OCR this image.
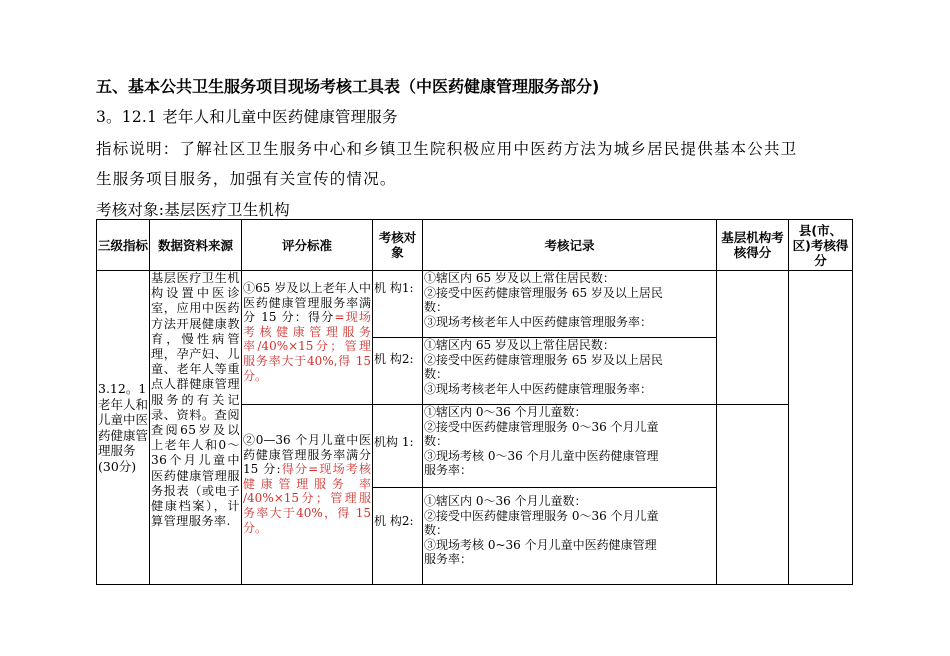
五、基本公共卫生服务项目现场考核工具表（中医药健康管理服务部分)
3。12.1 老年人和儿童中医药健康管理服务
指标说明：了解社区卫生服务中心和乡镇卫生院积极应用中医药方法为城乡居民提供基本公共卫
生服务项目服务，加强有关宣传的情况。
考核对象:基层医疗卫生机构
三级指标	数据资料来源	评分标准	考核对象	考核记录	基层机构考核得分	县(市、区)考核得分
3.12。1老年人和儿童中医药健康管理服务(30分)	基层医疗卫生机构设置中医诊室，应用中医药方法开展健康教育，慢性病管理，孕产妇、儿童、老年人等重点人群健康管理服务的有关记录、资料。查阅查阅65岁及以上老年人和0～36个月儿童中医药健康管理服务报表（或电子健康档案），计算管理服务率.	①65 岁及以上老年人中医药健康管理服务率满分 15 分：得分=现场考核健康管理服务率/40%×15分；管理服务率大于40%,得 15 分。	机 构1:	①辖区内 65 岁及以上常住居民数：
②接受中医药健康管理服务 65 岁及以上居民
数：
③现场考核老年人中医药健康管理服务率：		

			机 构2:	①辖区内 65 岁及以上常住居民数：
②接受中医药健康管理服务 65 岁及以上居民
数：
③现场考核老年人中医药健康管理服务率：		

		②0—36 个月儿童中医药健康管理服务率满分 15 分:得分=现场考核健康管理服务 率 /40%×15分；管理服务率大于40%，得 15 分。	机构 1:	①辖区内 0～36 个月儿童数：
②接受中医药健康管理服务 0～36 个月儿童
数：
③现场考核 0～36 个月儿童中医药健康管理
服务率：		

			机 构2:	①辖区内 0～36 个月儿童数：
②接受中医药健康管理服务 0～36 个月儿童
数：
③现场考核 0~36 个月儿童中医药健康管理
服务率：		
